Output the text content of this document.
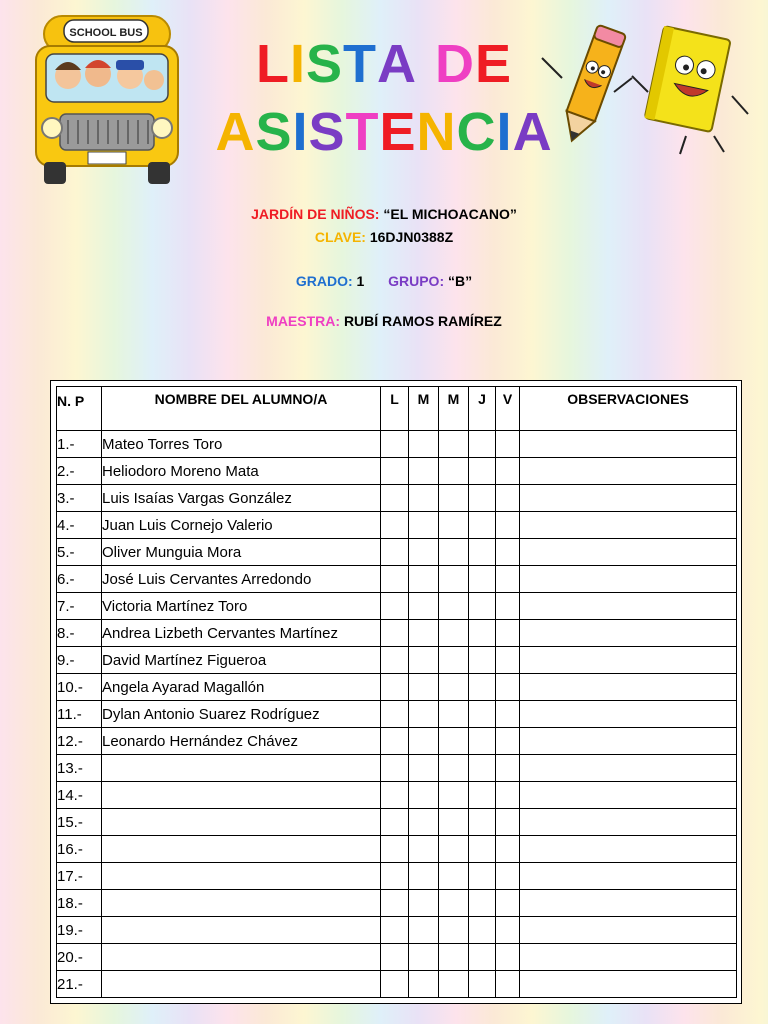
SCHOOL BUS
LISTA DE
ASISTENCIA
JARDÍN DE NIÑOS: “EL MICHOACANO”
CLAVE: 16DJN0388Z
GRADO: 1 GRUPO: “B”
MAESTRA: RUBÍ RAMOS RAMÍREZ
N. P	NOMBRE DEL ALUMNO/A	L	M	M	J	V	OBSERVACIONES
1.-	Mateo Torres Toro						
2.-	Heliodoro Moreno Mata						
3.-	Luis Isaías Vargas González						
4.-	Juan Luis Cornejo Valerio						
5.-	Oliver Munguia Mora						
6.-	José Luis Cervantes Arredondo						
7.-	Victoria Martínez Toro						
8.-	Andrea Lizbeth Cervantes Martínez						
9.-	David Martínez Figueroa						
10.-	Angela Ayarad Magallón						
11.-	Dylan Antonio Suarez Rodríguez						
12.-	Leonardo Hernández Chávez						
13.-							
14.-							
15.-							
16.-							
17.-							
18.-							
19.-							
20.-							
21.-							
